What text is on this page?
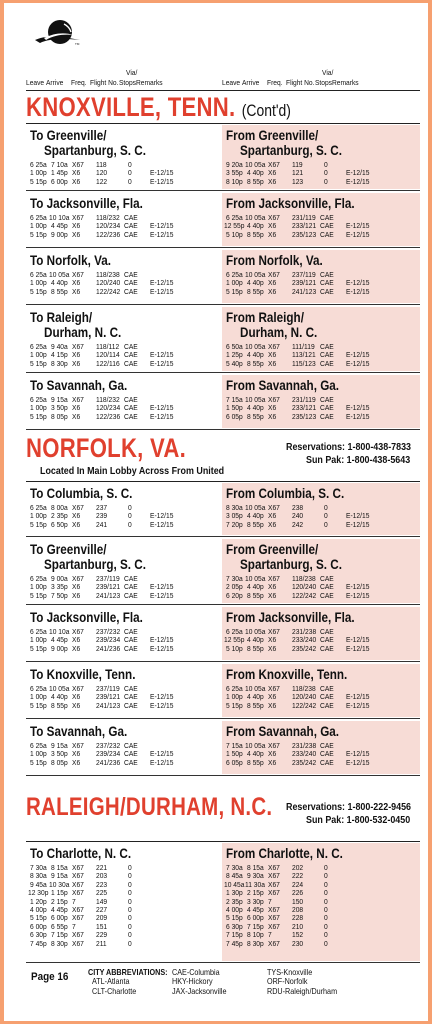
TM
Leave Arrive Freq. Flight No.
Via/
Stops Remarks	Leave Arrive Freq. Flight No.
Via/
Stops Remarks
KNOXVILLE, TENN. (Cont'd)
To Greenville/
Spartanburg, S. C.
From Greenville/
Spartanburg, S. C.
6 25a 7 10a X67 118	0
1 00p 1 45p X6 120	0 E-12/15
5 15p 6 00p X6 122	0 E-12/15
9 20a 10 05a X67 119	0
3 55p 4 40p X6 121	0 E-12/15
8 10p 8 55p X6 123	0 E-12/15
To Jacksonville, Fla.	From Jacksonville, Fla.
6 25a 10 10a X67 118/232 CAE
1 00p 4 45p X6 120/234 CAE E-12/15
5 15p 9 00p X6 122/236 CAE E-12/15
6 25a 10 05a X67 231/119 CAE
12 55p 4 40p X6 233/121 CAE E-12/15
5 10p 8 55p X6 235/123 CAE E-12/15
To Norfolk, Va.	From Norfolk, Va.
6 25a 10 05a X67 118/238 CAE
1 00p 4 40p X6 120/240 CAE E-12/15
5 15p 8 55p X6 122/242 CAE E-12/15
6 25a 10 05a X67 237/119 CAE
1 00p 4 40p X6 239/121 CAE E-12/15
5 15p 8 55p X6 241/123 CAE E-12/15
To Raleigh/
Durham, N. C.
From Raleigh/
Durham, N. C.
6 25a 9 40a X67 118/112 CAE
1 00p 4 15p X6 120/114 CAE E-12/15
5 15p 8 30p X6 122/116 CAE E-12/15
6 50a 10 05a X67 111/119 CAE
1 25p 4 40p X6 113/121 CAE E-12/15
5 40p 8 55p X6 115/123 CAE E-12/15
To Savannah, Ga.	From Savannah, Ga.
6 25a 9 15a X67 118/232 CAE
1 00p 3 50p X6 120/234 CAE E-12/15
5 15p 8 05p X6 122/236 CAE E-12/15
7 15a 10 05a X67 231/119 CAE
1 50p 4 40p X6 233/121 CAE E-12/15
6 05p 8 55p X6 235/123 CAE E-12/15
NORFOLK, VA.	Reservations: 1-800-438-7833
Sun Pak: 1-800-438-5643
Located In Main Lobby Across From United
To Columbia, S. C.	From Columbia, S. C.
6 25a 8 00a X67 237	0
1 00p 2 35p X6 239	0 E-12/15
5 15p 6 50p X6 241	0 E-12/15
8 30a 10 05a X67 238	0
3 05p 4 40p X6 240	0 E-12/15
7 20p 8 55p X6 242	0 E-12/15
To Greenville/
Spartanburg, S. C.
From Greenville/
Spartanburg, S. C.
6 25a 9 00a X67 237/119 CAE
1 00p 3 35p X6 239/121 CAE E-12/15
5 15p 7 50p X6 241/123 CAE E-12/15
7 30a 10 05a X67 118/238 CAE
2 05p 4 40p X6 120/240 CAE E-12/15
6 20p 8 55p X6 122/242 CAE E-12/15
To Jacksonville, Fla.	From Jacksonville, Fla.
6 25a 10 10a X67 237/232 CAE
1 00p 4 45p X6 239/234 CAE E-12/15
5 15p 9 00p X6 241/236 CAE E-12/15
6 25a 10 05a X67 231/238 CAE
12 55p 4 40p X6 233/240 CAE E-12/15
5 10p 8 55p X6 235/242 CAE E-12/15
To Knoxville, Tenn.	From Knoxville, Tenn.
6 25a 10 05a X67 237/119 CAE
1 00p 4 40p X6 239/121 CAE E-12/15
5 15p 8 55p X6 241/123 CAE E-12/15
6 25a 10 05a X67 118/238 CAE
1 00p 4 40p X6 120/240 CAE E-12/15
5 15p 8 55p X6 122/242 CAE E-12/15
To Savannah, Ga.	From Savannah, Ga.
6 25a 9 15a X67 237/232 CAE
1 00p 3 50p X6 239/234 CAE E-12/15
5 15p 8 05p X6 241/236 CAE E-12/15
7 15a 10 05a X67 231/238 CAE
1 50p 4 40p X6 233/240 CAE E-12/15
6 05p 8 55p X6 235/242 CAE E-12/15
RALEIGH/DURHAM, N.C. Reservations: 1-800-222-9456
Sun Pak: 1-800-532-0450
To Charlotte, N. C.	From Charlotte, N. C.
7 30a 8 15a X67 221	0
8 30a 9 15a X67 203	0
9 45a 10 30a X67 223	0
12 30p 1 15p X67 225	0
1 20p 2 15p 7	149	0
4 00p 4 45p X67 227	0
5 15p 6 00p X67 209	0
6 00p 6 55p 7	151	0
6 30p 7 15p X67 229	0
7 45p 8 30p X67 211	0
7 30a 8 15a X67 202	0
8 45a 9 30a X67 222	0
10 45a 11 30a X67 224	0
1 30p 2 15p X67 226	0
2 35p 3 30p 7	150	0
4 00p 4 45p X67 208	0
5 15p 6 00p X67 228	0
6 30p 7 15p X67 210	0
7 15p 8 10p 7	152	0
7 45p 8 30p X67 230	0
Page 16 CITY ABBREVIATIONS:
ATL-Atlanta
CLT-Charlotte
CAE-Columbia
HKY-Hickory
JAX-Jacksonville
TYS-Knoxville
ORF-Norfolk
RDU-Raleigh/Durham
